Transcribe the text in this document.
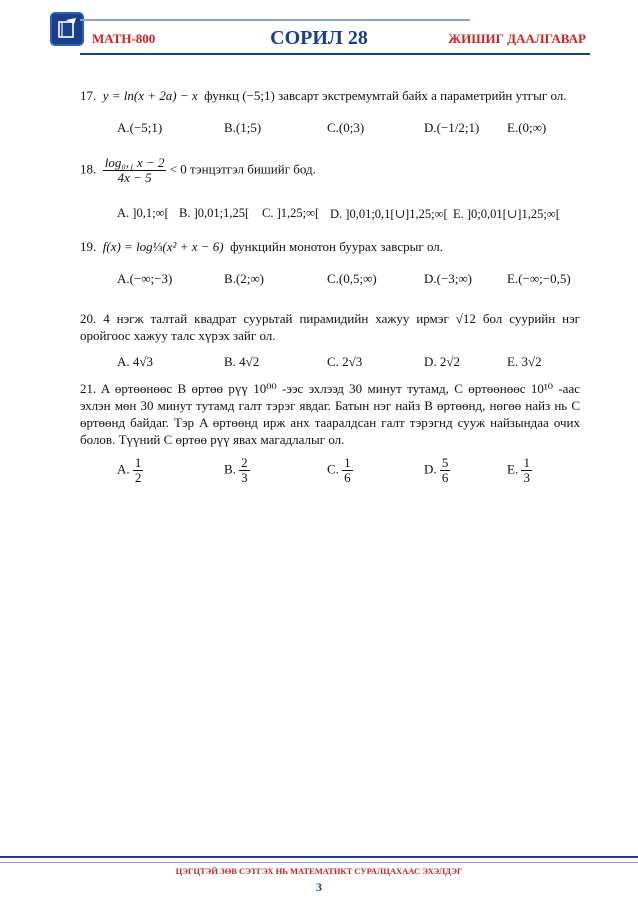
MATH-800	СОРИЛ 28	ЖИШИГ ДААЛГАВАР
17. y = ln(x + 2a) − x функц (−5;1) завсарт экстремумтай байх a параметрийн утгыг ол.
A.(−5;1)	B.(1;5)	C.(0;3)	D.(−1/2;1) E.(0;∞)
18. $\frac{\text{log₀,₁ x − 2}}{4x - 5} < 0$ тэнцэтгэл бишийг бод.
A. ]0,1;∞[ B. ]0,01;1,25[ C. ]1,25;∞[ D. ]0,01;0,1[∪]1,25;∞[ E. ]0;0,01[∪]1,25;∞[
19. f(x) = log⅓(x² + x − 6) функцийн монотон буурах завсрыг ол.
A.(−∞;−3)	B.(2;∞)	C.(0,5;∞)	D.(−3;∞)	E.(−∞;−0,5)
20. 4 нэгж талтай квадрат суурьтай пирамидийн хажуу ирмэг √12 бол суурийн нэг оройгоос хажуу талс хүрэх зайг ол.
A. 4√3	B. 4√2	C. 2√3	D. 2√2	E. 3√2
21. A өртөөнөөс B өртөө рүү 10⁰⁰ -ээс эхлээд 30 минут тутамд, C өртөөнөөс 10¹⁰ -аас эхлэн мөн 30 минут тутамд галт тэрэг явдаг. Батын нэг найз B өртөөнд, нөгөө найз нь C өртөөнд байдаг. Тэр A өртөөнд ирж анх тааралдсан галт тэрэгнд сууж найзындаа очих болов. Түүний C өртөө рүү явах магадлалыг ол.
A. $\frac{1}{2}$	B. $\frac{2}{3}$	C. $\frac{1}{6}$	D. $\frac{5}{6}$	E. $\frac{1}{3}$
ЦЭГЦТЭЙ ЗӨВ СЭТГЭХ НЬ МАТЕМАТИКТ СУРАЛЦАХААС ЭХЭЛДЭГ
3
